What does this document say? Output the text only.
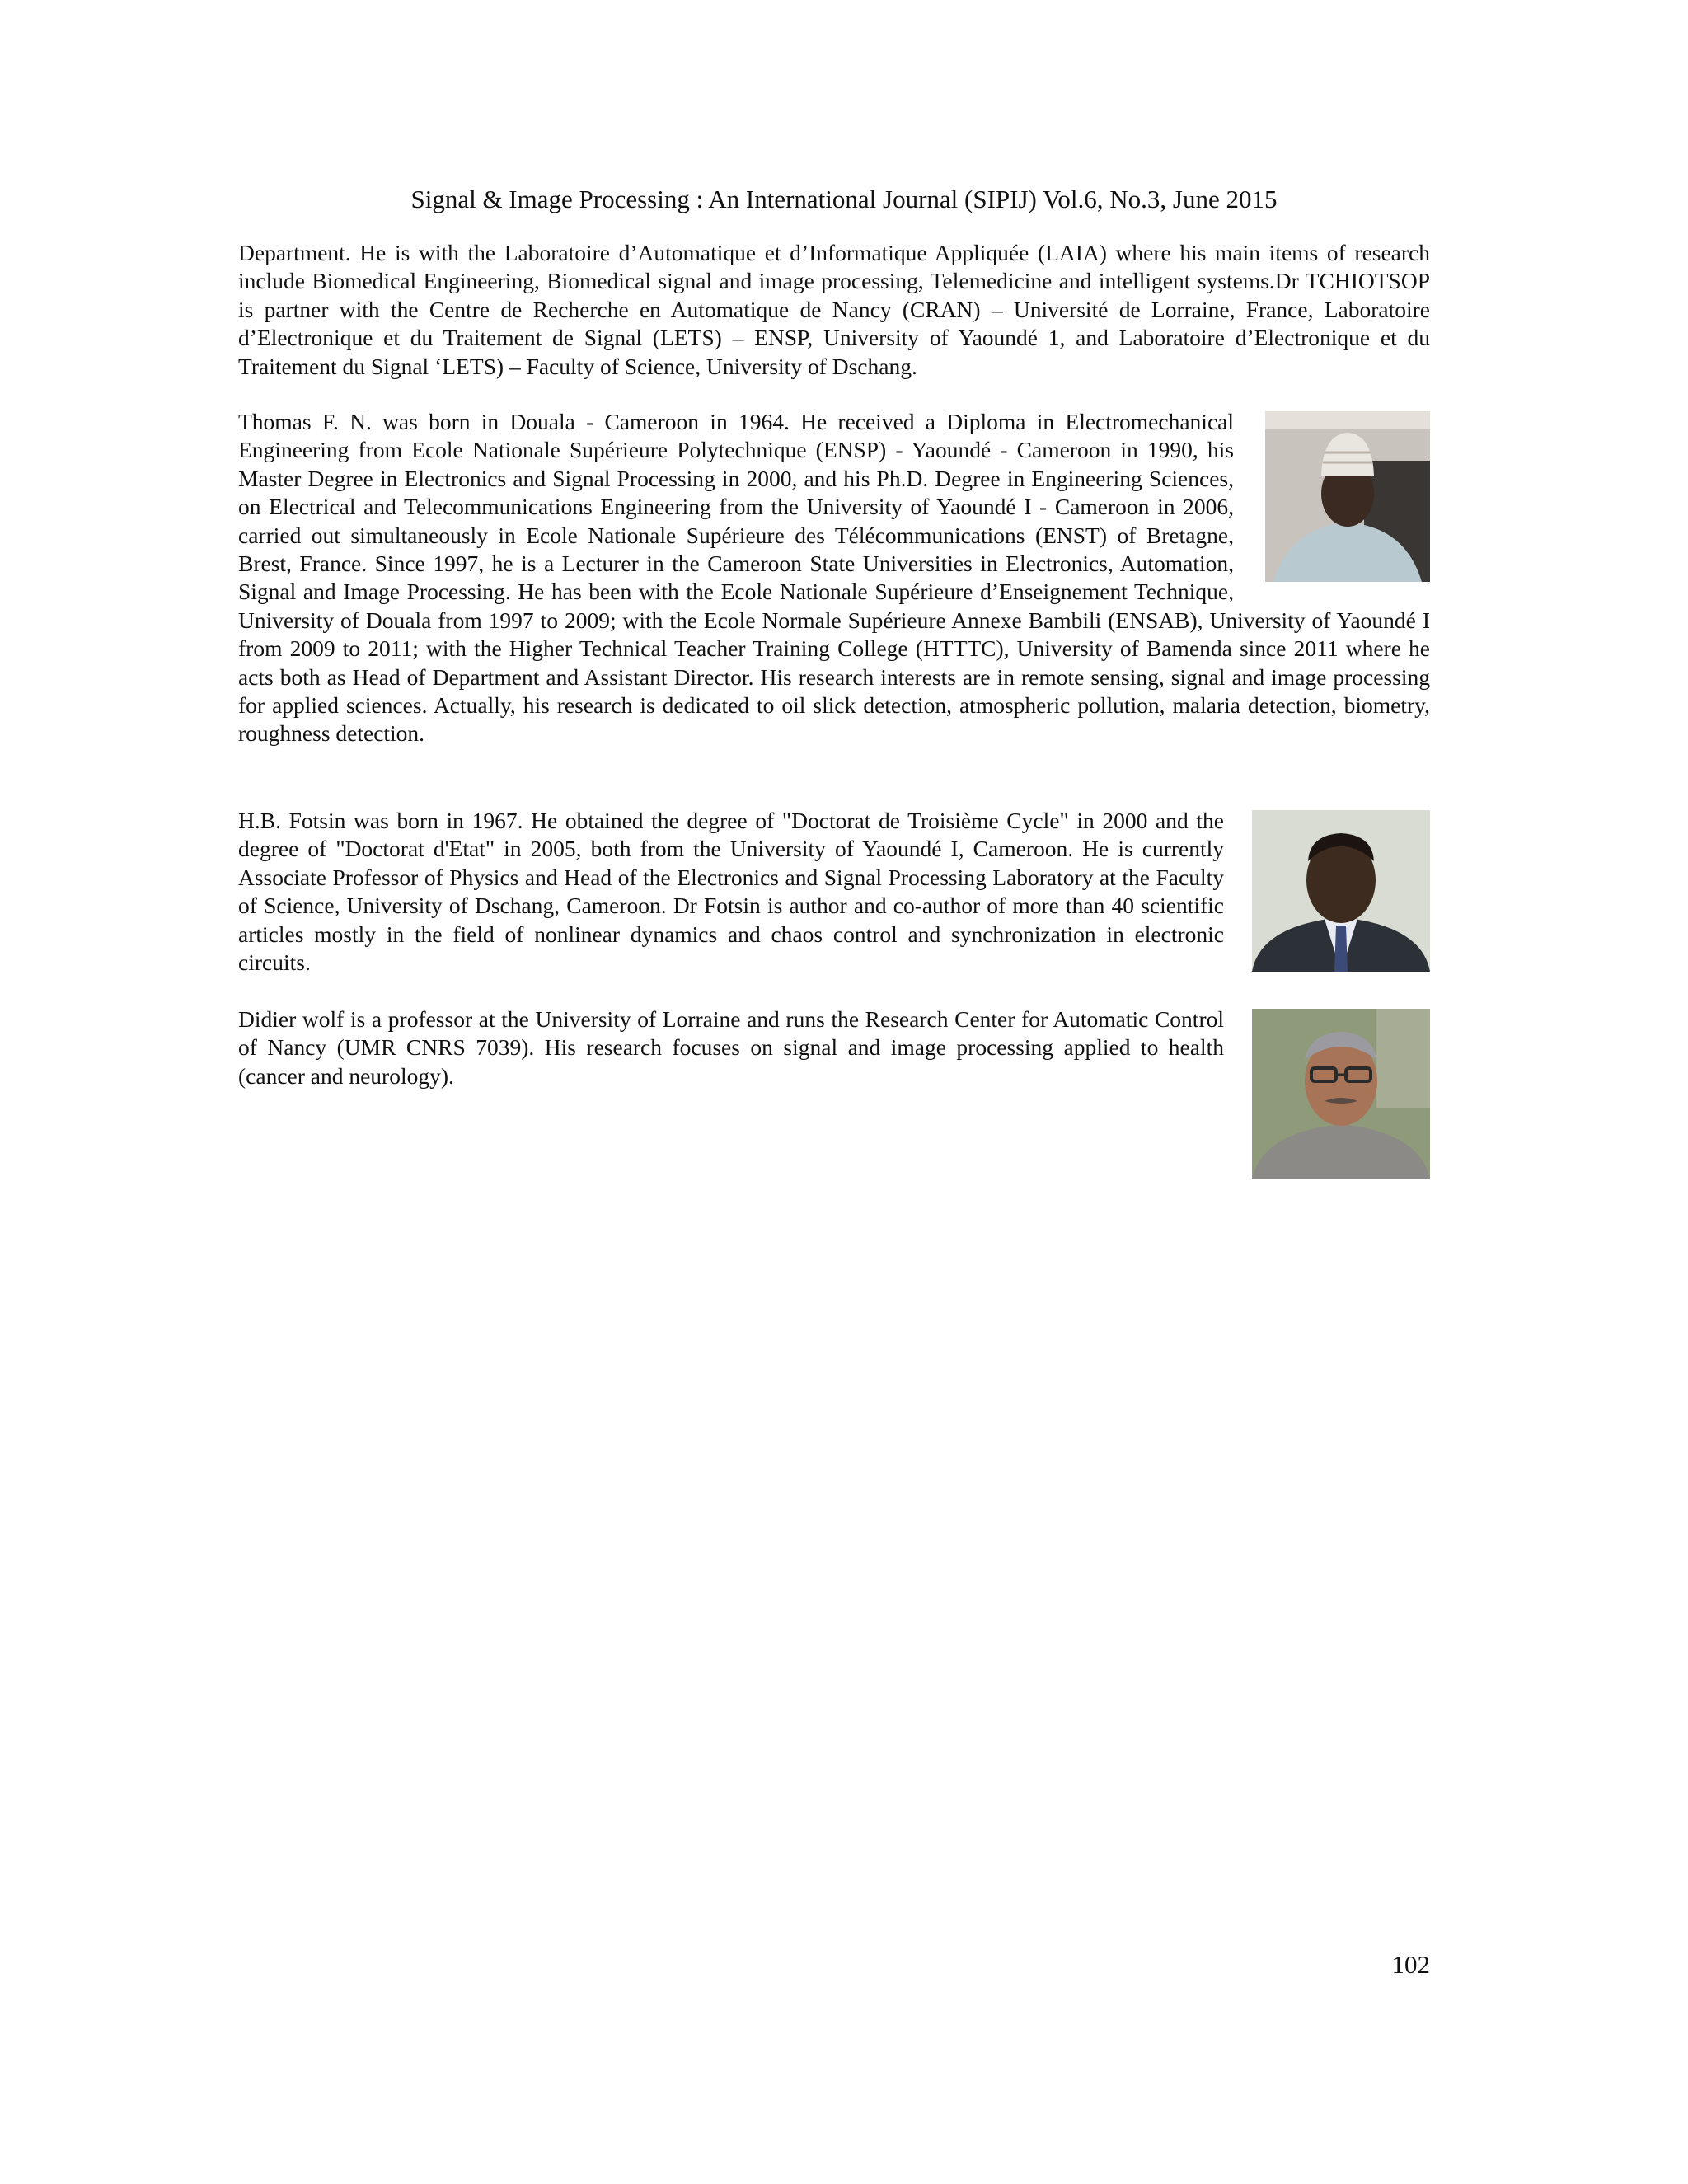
Signal & Image Processing : An International Journal (SIPIJ) Vol.6, No.3, June 2015
Department. He is with the Laboratoire d’Automatique et d’Informatique Appliquée (LAIA) where his main items of research include Biomedical Engineering, Biomedical signal and image processing, Telemedicine and intelligent systems.Dr TCHIOTSOP is partner with the Centre de Recherche en Automatique de Nancy (CRAN) – Université de Lorraine, France, Laboratoire d’Electronique et du Traitement de Signal (LETS) – ENSP, University of Yaoundé 1, and Laboratoire d’Electronique et du Traitement du Signal ‘LETS) – Faculty of Science, University of Dschang.
Thomas F. N. was born in Douala - Cameroon in 1964. He received a Diploma in Electromechanical Engineering from Ecole Nationale Supérieure Polytechnique (ENSP) - Yaoundé - Cameroon in 1990, his Master Degree in Electronics and Signal Processing in 2000, and his Ph.D. Degree in Engineering Sciences, on Electrical and Telecommunications Engineering from the University of Yaoundé I - Cameroon in 2006, carried out simultaneously in Ecole Nationale Supérieure des Télécommunications (ENST) of Bretagne, Brest, France. Since 1997, he is a Lecturer in the Cameroon State Universities in Electronics, Automation, Signal and Image Processing. He has been with the Ecole Nationale Supérieure d’Enseignement Technique, University of Douala from 1997 to 2009; with the Ecole Normale Supérieure Annexe Bambili (ENSAB), University of Yaoundé I from 2009 to 2011; with the Higher Technical Teacher Training College (HTTTC), University of Bamenda since 2011 where he acts both as Head of Department and Assistant Director. His research interests are in remote sensing, signal and image processing for applied sciences. Actually, his research is dedicated to oil slick detection, atmospheric pollution, malaria detection, biometry, roughness detection.
H.B. Fotsin was born in 1967. He obtained the degree of "Doctorat de Troisième Cycle" in 2000 and the degree of "Doctorat d'Etat" in 2005, both from the University of Yaoundé I, Cameroon. He is currently Associate Professor of Physics and Head of the Electronics and Signal Processing Laboratory at the Faculty of Science, University of Dschang, Cameroon. Dr Fotsin is author and co-author of more than 40 scientific articles mostly in the field of nonlinear dynamics and chaos control and synchronization in electronic circuits.
Didier wolf is a professor at the University of Lorraine and runs the Research Center for Automatic Control of Nancy (UMR CNRS 7039). His research focuses on signal and image processing applied to health (cancer and neurology).
102
